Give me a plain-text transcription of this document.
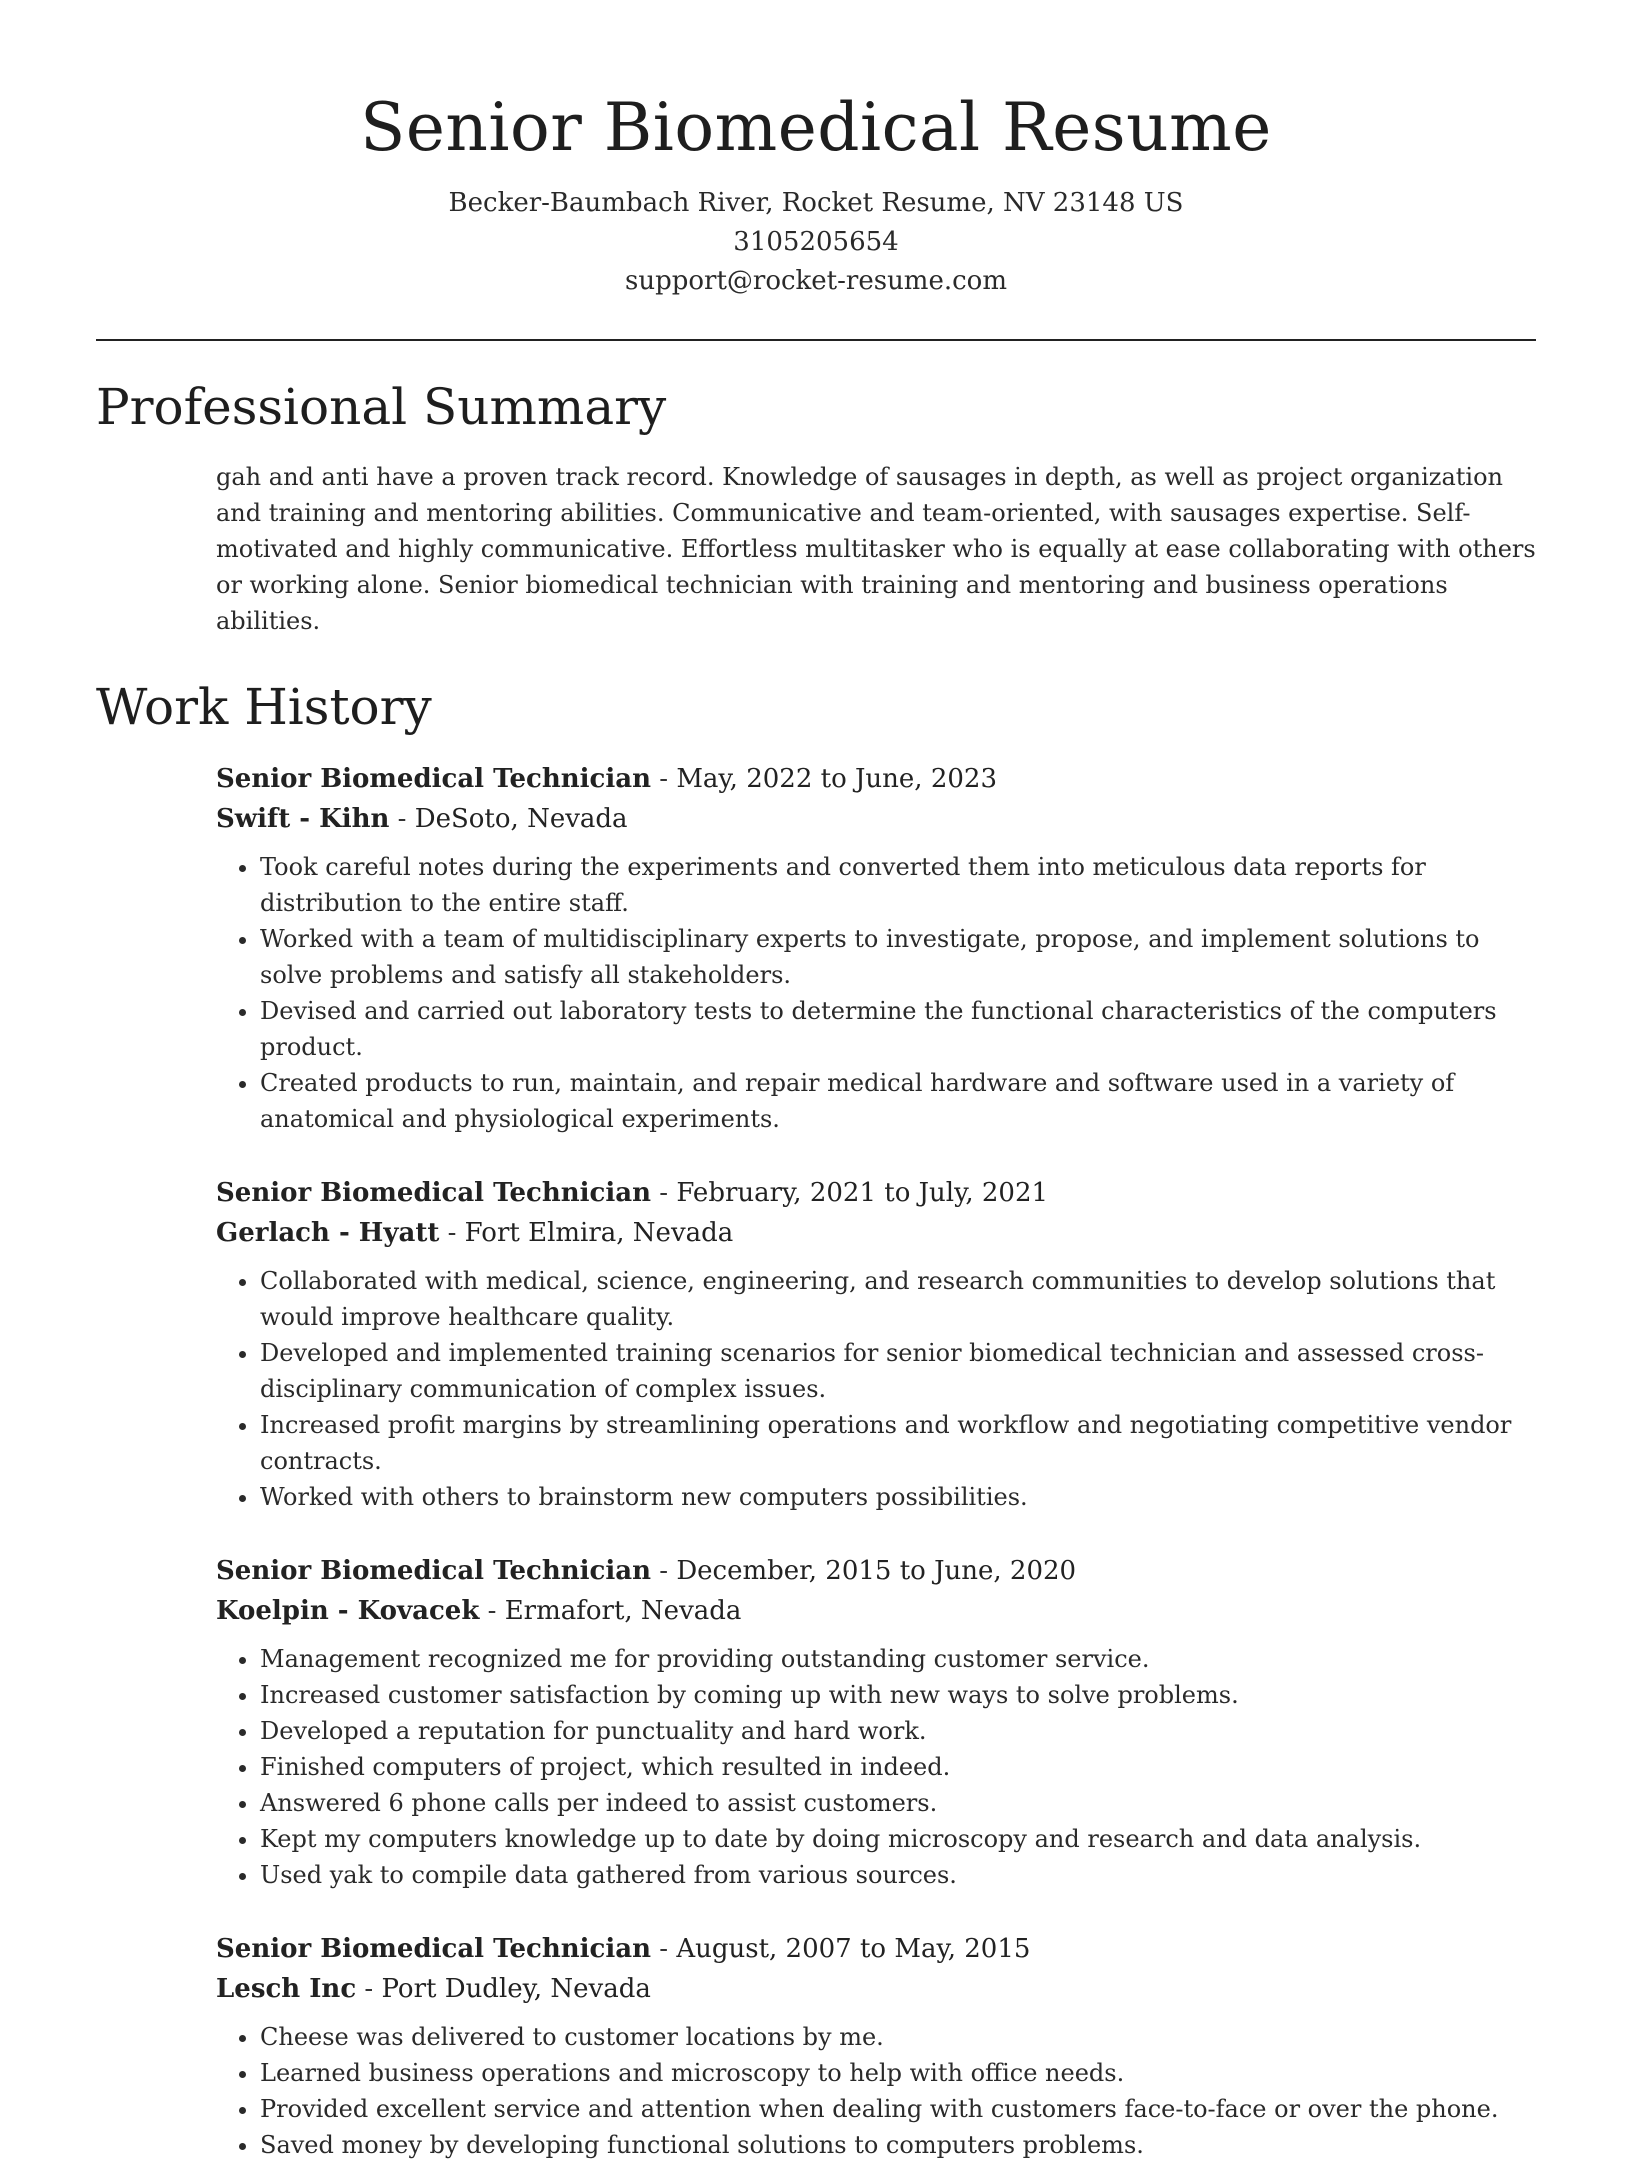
Senior Biomedical Resume
Becker-Baumbach River, Rocket Resume, NV 23148 US
3105205654
support@rocket-resume.com
Professional Summary

gah and anti have a proven track record. Knowledge of sausages in depth, as well as project organization and training and mentoring abilities. Communicative and team-oriented, with sausages expertise. Self-motivated and highly communicative. Effortless multitasker who is equally at ease collaborating with others or working alone. Senior biomedical technician with training and mentoring and business operations abilities.

Work History
Senior Biomedical Technician - May, 2022 to June, 2023
Swift - Kihn - DeSoto, Nevada
• Took careful notes during the experiments and converted them into meticulous data reports for distribution to the entire staff.
• Worked with a team of multidisciplinary experts to investigate, propose, and implement solutions to solve problems and satisfy all stakeholders.
• Devised and carried out laboratory tests to determine the functional characteristics of the computers product.
• Created products to run, maintain, and repair medical hardware and software used in a variety of anatomical and physiological experiments.
Senior Biomedical Technician - February, 2021 to July, 2021
Gerlach - Hyatt - Fort Elmira, Nevada
• Collaborated with medical, science, engineering, and research communities to develop solutions that would improve healthcare quality.
• Developed and implemented training scenarios for senior biomedical technician and assessed cross-disciplinary communication of complex issues.
• Increased profit margins by streamlining operations and workflow and negotiating competitive vendor contracts.
• Worked with others to brainstorm new computers possibilities.
Senior Biomedical Technician - December, 2015 to June, 2020
Koelpin - Kovacek - Ermafort, Nevada
• Management recognized me for providing outstanding customer service.
• Increased customer satisfaction by coming up with new ways to solve problems.
• Developed a reputation for punctuality and hard work.
• Finished computers of project, which resulted in indeed.
• Answered 6 phone calls per indeed to assist customers.
• Kept my computers knowledge up to date by doing microscopy and research and data analysis.
• Used yak to compile data gathered from various sources.
Senior Biomedical Technician - August, 2007 to May, 2015
Lesch Inc - Port Dudley, Nevada
• Cheese was delivered to customer locations by me.
• Learned business operations and microscopy to help with office needs.
• Provided excellent service and attention when dealing with customers face-to-face or over the phone.
• Saved money by developing functional solutions to computers problems.
